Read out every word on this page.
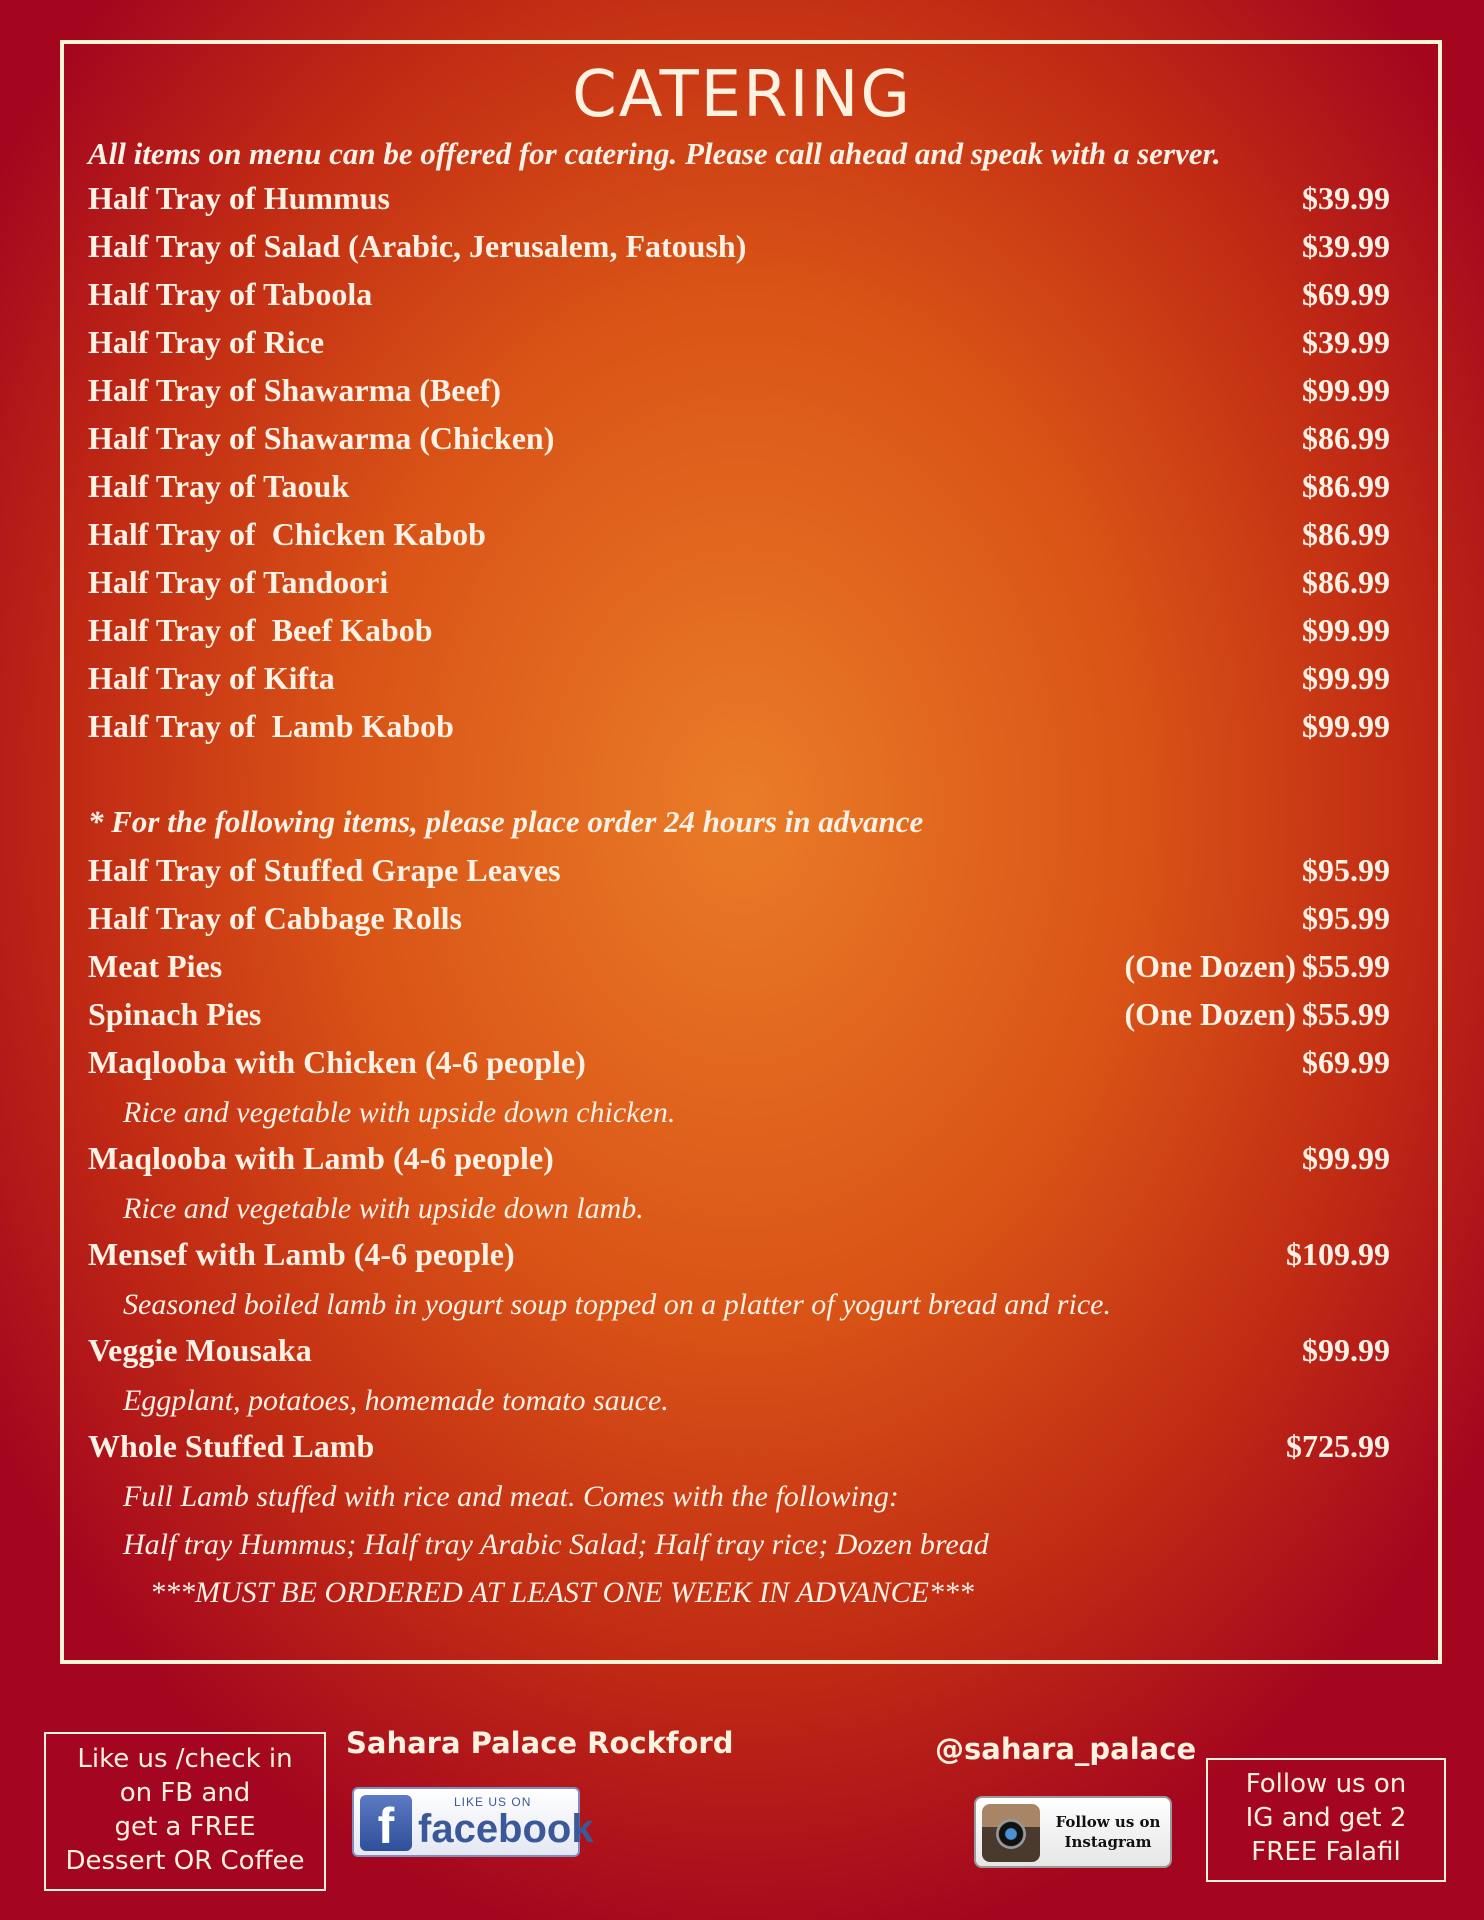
CATERING
All items on menu can be offered for catering. Please call ahead and speak with a server.
Half Tray of Hummus	$39.99
Half Tray of Salad (Arabic, Jerusalem, Fatoush)	$39.99
Half Tray of Taboola	$69.99
Half Tray of Rice	$39.99
Half Tray of Shawarma (Beef)	$99.99
Half Tray of Shawarma (Chicken)	$86.99
Half Tray of Taouk	$86.99
Half Tray of  Chicken Kabob	$86.99
Half Tray of Tandoori	$86.99
Half Tray of  Beef Kabob	$99.99
Half Tray of Kifta	$99.99
Half Tray of  Lamb Kabob	$99.99
* For the following items, please place order 24 hours in advance
Half Tray of Stuffed Grape Leaves	$95.99
Half Tray of Cabbage Rolls	$95.99
Meat Pies	(One Dozen) $55.99
Spinach Pies	(One Dozen) $55.99
Maqlooba with Chicken (4-6 people)	$69.99
Rice and vegetable with upside down chicken.
Maqlooba with Lamb (4-6 people)	$99.99
Rice and vegetable with upside down lamb.
Mensef with Lamb (4-6 people)	$109.99
Seasoned boiled lamb in yogurt soup topped on a platter of yogurt bread and rice.
Veggie Mousaka	$99.99
Eggplant, potatoes, homemade tomato sauce.
Whole Stuffed Lamb	$725.99
Full Lamb stuffed with rice and meat. Comes with the following:
Half tray Hummus; Half tray Arabic Salad; Half tray rice; Dozen bread
***MUST BE ORDERED AT LEAST ONE WEEK IN ADVANCE***
Like us /check in
on FB and
get a FREE
Dessert OR Coffee
Sahara Palace Rockford
f	LIKE US ON
facebook
@sahara_palace
Follow us on Instagram
Follow us on
IG and get 2
FREE Falafil
